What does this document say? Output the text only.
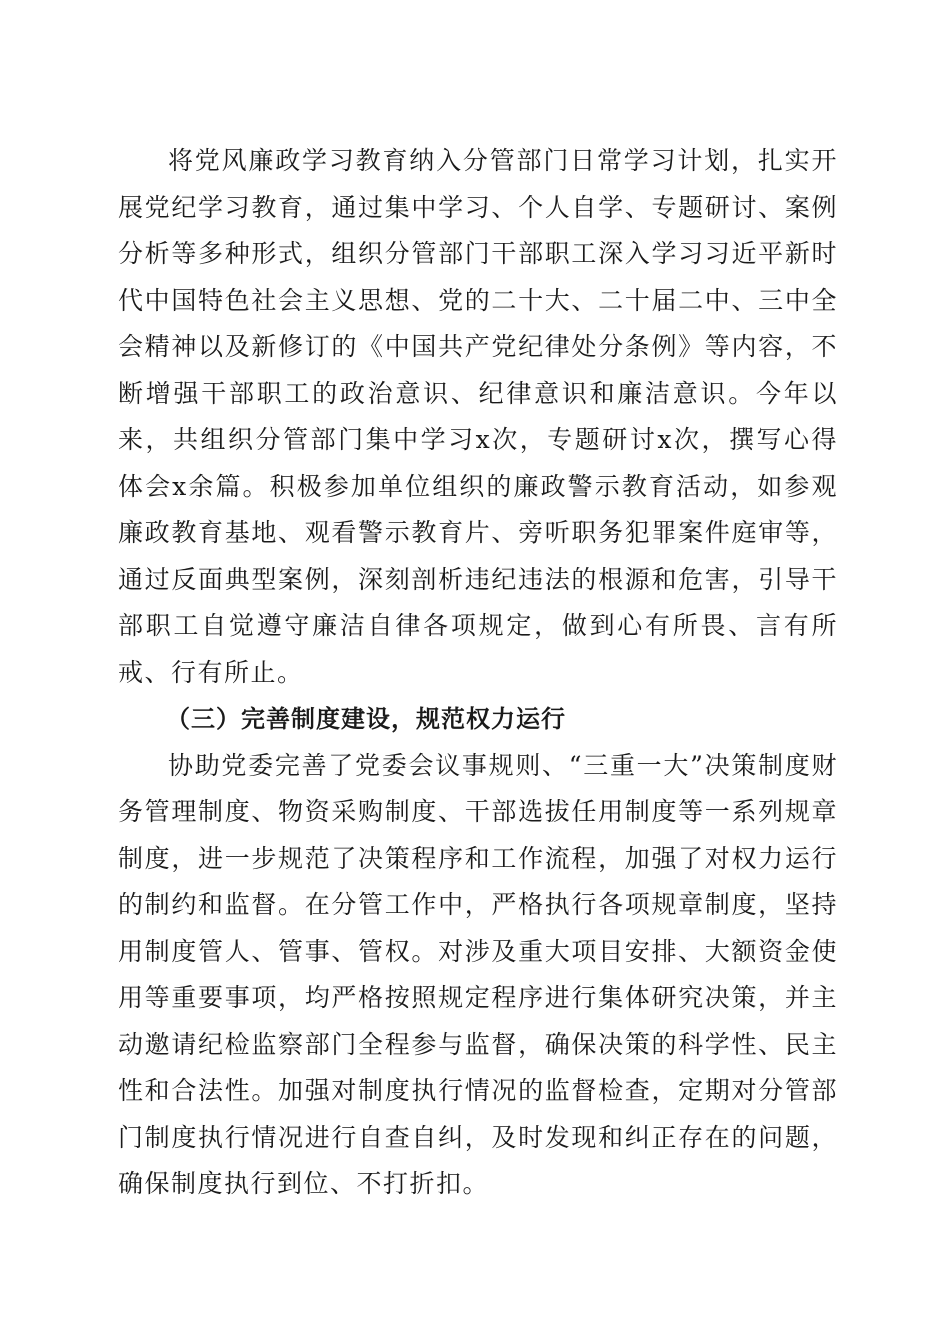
将党风廉政学习教育纳入分管部门日常学习计划，扎实开展党纪学习教育，通过集中学习、个人自学、专题研讨、案例分析等多种形式，组织分管部门干部职工深入学习习近平新时代中国特色社会主义思想、党的二十大、二十届二中、三中全会精神以及新修订的《中国共产党纪律处分条例》等内容，不断增强干部职工的政治意识、纪律意识和廉洁意识。今年以来，共组织分管部门集中学习x次，专题研讨x次，撰写心得体会x余篇。积极参加单位组织的廉政警示教育活动，如参观廉政教育基地、观看警示教育片、旁听职务犯罪案件庭审等，通过反面典型案例，深刻剖析违纪违法的根源和危害，引导干部职工自觉遵守廉洁自律各项规定，做到心有所畏、言有所戒、行有所止。

（三）完善制度建设，规范权力运行

协助党委完善了党委会议事规则、“三重一大”决策制度财务管理制度、物资采购制度、干部选拔任用制度等一系列规章制度，进一步规范了决策程序和工作流程，加强了对权力运行的制约和监督。在分管工作中，严格执行各项规章制度，坚持用制度管人、管事、管权。对涉及重大项目安排、大额资金使用等重要事项，均严格按照规定程序进行集体研究决策，并主动邀请纪检监察部门全程参与监督，确保决策的科学性、民主性和合法性。加强对制度执行情况的监督检查，定期对分管部门制度执行情况进行自查自纠，及时发现和纠正存在的问题，确保制度执行到位、不打折扣。
